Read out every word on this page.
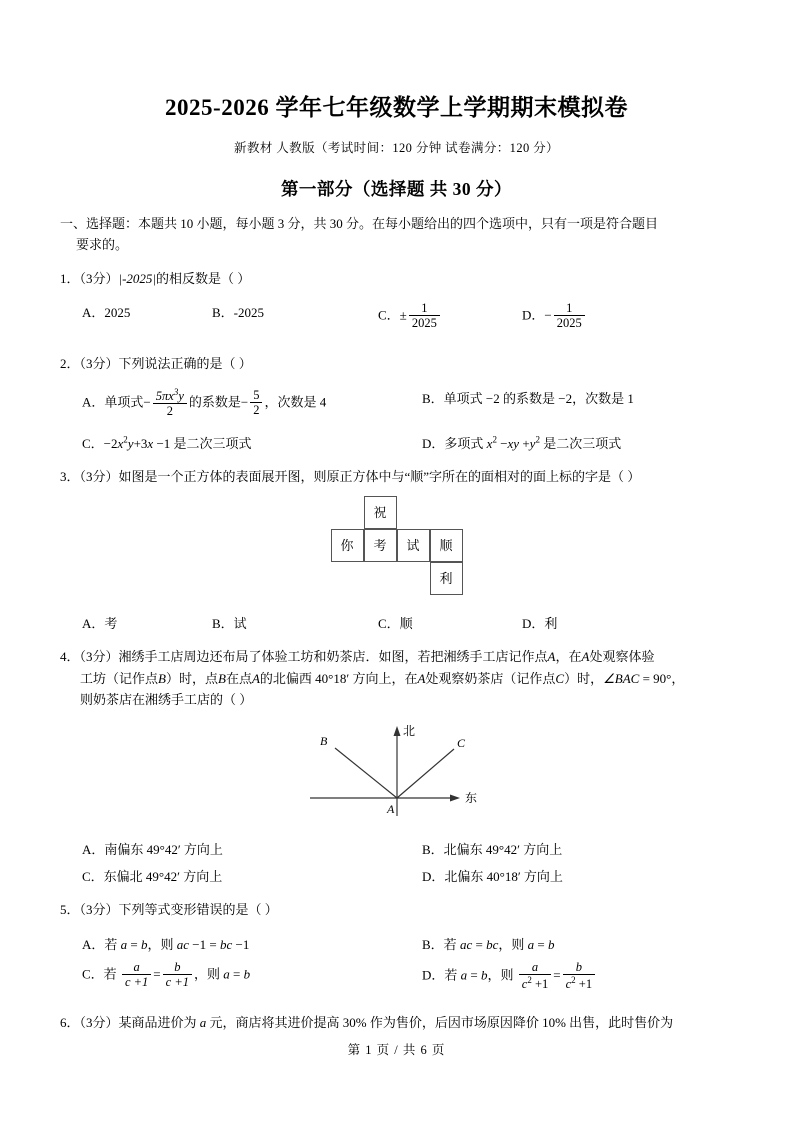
2025-2026 学年七年级数学上学期期末模拟卷

新教材 人教版（考试时间：120 分钟 试卷满分：120 分）

第一部分（选择题 共 30 分）

一、选择题：本题共 10 小题，每小题 3 分，共 30 分。在每小题给出的四个选项中，只有一项是符合题目
要求的。

1．（3分）|-2025|的相反数是（ ）
A．2025	B．-2025	C．± $\frac{1}{2025}$	D．− $\frac{1}{2025}$
2．（3分）下列说法正确的是（ ）
A．单项式− $\frac{5\pi x^3y}{2}$ 的系数是− $\frac{5}{2}$ ，次数是 4	B．单项式 −2 的系数是 −2，次数是 1
C．$-2x^2y+3x -1$ 是二次三项式	D．多项式 $x^2 -xy +y^2$ 是二次三项式
3．（3分）如图是一个正方体的表面展开图，则原正方体中与“顺”字所在的面相对的面上标的字是（ ）
祝
你	考	试	顺
利
A．考	B．试	C．顺	D．利
4．（3分）湘绣手工店周边还布局了体验工坊和奶茶店．如图，若把湘绣手工店记作点A，在A处观察体验
工坊（记作点B）时，点B在点A的北偏西 40°18′ 方向上，在A处观察奶茶店（记作点C）时，∠BAC = 90°，
则奶茶店在湘绣手工店的（ ）
北
东
A
B	C
A．南偏东 49°42′ 方向上	B．北偏东 49°42′ 方向上
C．东偏北 49°42′ 方向上	D．北偏东 40°18′ 方向上
5．（3分）下列等式变形错误的是（ ）
A．若 a = b，则 ac −1 = bc −1	B．若 ac = bc，则 a = b
C．若 $\frac{a}{c +1} = \frac{b}{c +1}$ ，则 a = b	D．若 a = b，则 $\frac{a}{c^2 +1} = \frac{b}{c^2 +1}$
6．（3分）某商品进价为 a 元，商店将其进价提高 30% 作为售价，后因市场原因降价 10% 出售，此时售价为
第 1 页 / 共 6 页
